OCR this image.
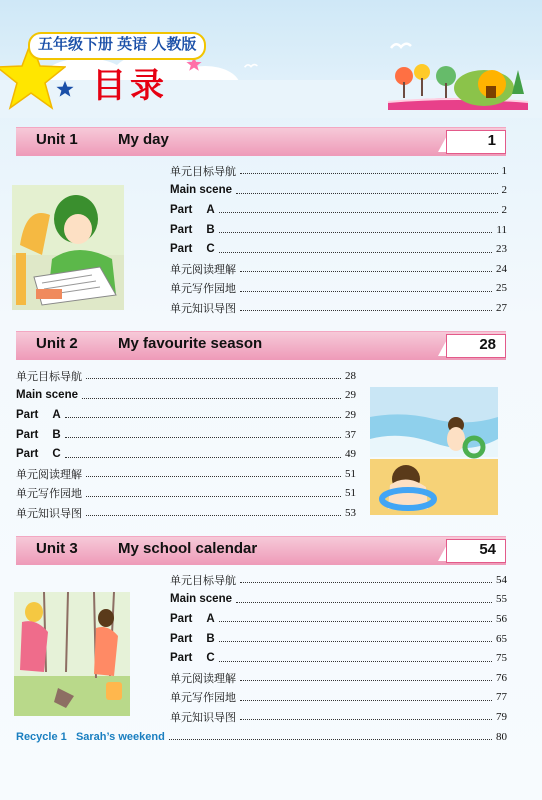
五年级下册 英语 人教版
目录
Unit 1	My day	1
单元目标导航	1
Main scene	2
Part A	2
Part B	11
Part C	23
单元阅读理解	24
单元写作园地	25
单元知识导图	27
Unit 2	My favourite season	28
单元目标导航	28
Main scene	29
Part A	29
Part B	37
Part C	49
单元阅读理解	51
单元写作园地	51
单元知识导图	53
Unit 3	My school calendar	54
单元目标导航	54
Main scene	55
Part A	56
Part B	65
Part C	75
单元阅读理解	76
单元写作园地	77
单元知识导图	79
Recycle 1 Sarah’s weekend	80
